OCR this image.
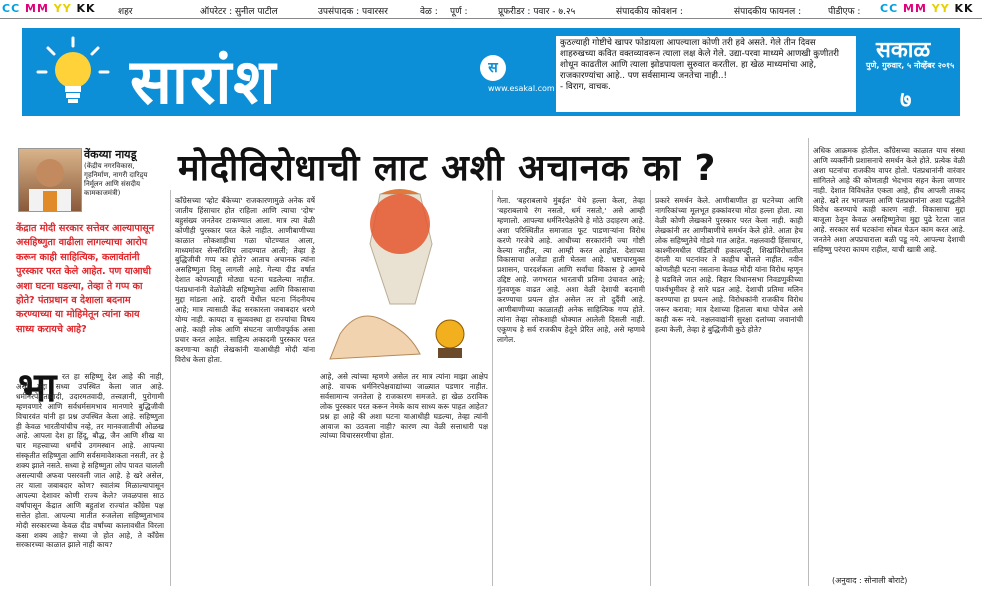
CC MM YY KK शहर	ऑपरेटर : सुनील पाटील	उपसंपादक : पवारसर	वेळ : पूर्ण :	प्रूफरीडर : पवार - ७.२५	संपादकीय कोवशन :	संपादकीय फायनल :	पीडीएफ : CC MM YY KK
सारांश	स
www.esakal.com
कुठल्याही गोष्टीचे खापर फोडायला आपल्याला कोणी तरी हवे असते. गेले तीन दिवस शाहरुखच्या कवित वक्तव्यावरून त्याला लक्ष केले गेले. उद्या-परवा माध्यमे आणखी कुणीतरी शोधून काढतील आणि त्याला झोडपायला सुरुवात करतील. हा खेळ माध्यमांचा आहे, राजकारण्यांचा आहे.. पण सर्वसामान्य जनतेचा नाही..!
- विराग, वाचक.
सकाळ
पुणे, गुरुवार, ५ नोव्हेंबर २०१५
७
वेंकय्या नायडू
(केंद्रीय नगरविकास, गृहनिर्माण, नागरी दारिद्र्य निर्मूलन आणि संसदीय कामकाजमंत्री)
केंद्रात मोदी सरकार सत्तेवर आल्यापासून असहिष्णुता वाढीला लागल्याचा आरोप करून काही साहित्यिक, कलावंतांनी पुरस्कार परत केले आहेत. पण याआधी अशा घटना घडल्या, तेव्हा ते गप्प का होते? पंतप्रधान व देशाला बदनाम करण्याच्या या मोहिमेतून त्यांना काय साध्य करायचे आहे?
मोदीविरोधाची लाट अशी अचानक का ?
भा रत हा सहिष्णू देश आहे की नाही, असा मुद्दा सध्या उपस्थित केला जात आहे. धर्मनिरपेक्षतावादी, उदारमतवादी, तत्त्वज्ञानी, पुरोगामी म्हणवणारे आणि सर्वधर्मसमभाव मानणारे बुद्धिजीवी विचारवंत यांनी हा प्रश्न उपस्थित केला आहे. सहिष्णुता ही केवळ भारतीयांचीच नव्हे, तर मानवजातीची ओळख आहे. आपला देश हा हिंदू, बौद्ध, जैन आणि शीख या चार महत्त्वाच्या धर्मांचे उगमस्थान आहे. आपल्या संस्कृतीत सहिष्णुता आणि सर्वसमावेशकता नसती, तर हे शक्य झाले नसते. सध्या हे सहिष्णुता लोप पावत चालली असल्याची अफवा पसरवली जात आहे. हे खरे असेल, तर याला जबाबदार कोण? स्वातंत्र्य मिळाल्यापासून आपल्या देशावर कोणी राज्य केले? जवळपास साठ वर्षांपासून केंद्रात आणि बहुतांश राज्यांत काँग्रेस पक्ष सत्तेत होता. आपल्या मातीत रुजलेला सहिष्णुताभाव मोदी सरकारच्या केवळ दीड वर्षांच्या कालावधीत विरला कसा शक्य आहे? सध्या जे होत आहे, ते काँग्रेस सरकारच्या काळात झाले नाही काय?
काँग्रेसच्या 'व्होट बँकेच्या' राजकारणामुळे अनेक वर्षे जातीय हिंसाचार होत राहिला आणि त्याचा 'दोष' बहुसंख्य जनतेवर टाकण्यात आला. मात्र त्या वेळी कोणीही पुरस्कार परत केले नाहीत. आणीबाणीच्या काळात लोकशाहीचा गळा घोटण्यात आला, माध्यमांवर सेन्सॉरशिप लादण्यात आली; तेव्हा हे बुद्धिजीवी गप्प का होते? आताच अचानक त्यांना असहिष्णुता दिसू लागली आहे. गेल्या दीड वर्षात देशात कोणत्याही मोठ्या घटना घडलेल्या नाहीत. पंतप्रधानांनी वेळोवेळी सहिष्णुतेचा आणि विकासाचा मुद्दा मांडला आहे. दादरी येथील घटना निंदनीयच आहे; मात्र त्यासाठी केंद्र सरकारला जबाबदार धरणे योग्य नाही. कायदा व सुव्यवस्था हा राज्यांचा विषय आहे. काही लोक आणि संघटना जाणीवपूर्वक असा प्रचार करत आहेत. साहित्य अकादमी पुरस्कार परत करणाऱ्या काही लेखकांनी याआधीही मोदी यांना विरोध केला होता.
आहे, असे त्यांच्या म्हणणे असेल तर मात्र त्यांना माझा आक्षेप आहे. वाचक धर्मनिरपेक्षवाद्यांच्या जाळ्यात पडणार नाहीत. सर्वसामान्य जनतेला हे राजकारण समजते. हा खेळ ठराविक लोक पुरस्कार परत करून नेमके काय साध्य करू पाहत आहेत? प्रश्न हा आहे की अशा घटना याआधीही घडल्या, तेव्हा त्यांनी आवाज का उठवला नाही? कारण त्या वेळी सत्ताधारी पक्ष त्यांच्या विचारसरणीचा होता.
गेला. 'बहराबलाचे मुंबईत' येथे हल्ला केला, तेव्हा 'बहराबलाचे रंग नसतो, धर्म नसतो,' असे आम्ही म्हणालो. आपल्या धर्मनिरपेक्षतेचे हे मोठे उदाहरण आहे. अशा परिस्थितीत समाजात फूट पाडणाऱ्यांना विरोध करणे गरजेचे आहे. आधीच्या सरकारांनी ज्या गोष्टी केल्या नाहीत, त्या आम्ही करत आहोत. देशाच्या विकासाचा अजेंडा हाती घेतला आहे. भ्रष्टाचारमुक्त प्रशासन, पारदर्शकता आणि सर्वांचा विकास हे आमचे उद्दिष्ट आहे. जगभरात भारताची प्रतिमा उंचावत आहे; गुंतवणूक वाढत आहे. अशा वेळी देशाची बदनामी करण्याचा प्रयत्न होत असेल तर तो दुर्दैवी आहे. आणीबाणीच्या काळातही अनेक साहित्यिक गप्प होते. त्यांना तेव्हा लोकशाही धोक्यात आलेली दिसली नाही. एकूणच हे सर्व राजकीय हेतूने प्रेरित आहे, असे म्हणावे लागेल.
प्रकारे समर्थन केले. आणीबाणीत हा घटनेच्या आणि नागरिकांच्या मूलभूत हक्कांवरचा मोठा हल्ला होता. त्या वेळी कोणी लेखकाने पुरस्कार परत केला नाही. काही लेखकांनी तर आणीबाणीचे समर्थन केले होते. आता हेच लोक सहिष्णुतेचे गोडवे गात आहेत. नक्षलवादी हिंसाचार, काश्मीरमधील पंडितांची हकालपट्टी, शिखांविरोधातील दंगली या घटनांवर ते काहीच बोलले नाहीत. नवीन कोणतीही घटना नसताना केवळ मोदी यांना विरोध म्हणून हे घडविले जात आहे. बिहार विधानसभा निवडणुकीच्या पार्श्वभूमीवर हे सारे घडत आहे. देशाची प्रतिमा मलिन करण्याचा हा प्रयत्न आहे. विरोधकांनी राजकीय विरोध जरूर करावा; मात्र देशाच्या हिताला बाधा पोचेल असे काही करू नये. नक्षलवाद्यांनी सुरक्षा दलांच्या जवानांची हत्या केली, तेव्हा हे बुद्धिजीवी कुठे होते?
अधिक आक्रमक होतील. काँग्रेसच्या काळात याच संस्था आणि व्यक्तींनी प्रशासनाचे समर्थन केले होते. प्रत्येक वेळी अशा घटनांचा राजकीय वापर होतो. पंतप्रधानांनी वारंवार सांगितले आहे की कोणताही भेदभाव सहन केला जाणार नाही. देशात विविधतेत एकता आहे, हीच आपली ताकद आहे. खरे तर भाजपला आणि पंतप्रधानांना अशा पद्धतीने विरोध करण्याचे काही कारण नाही. विकासाचा मुद्दा बाजूला ठेवून केवळ असहिष्णुतेचा मुद्दा पुढे रेटला जात आहे. सरकार सर्व घटकांना सोबत घेऊन काम करत आहे. जनतेने अशा अपप्रचाराला बळी पडू नये. आपल्या देशाची सहिष्णु परंपरा कायम राहील, याची खात्री आहे.
(अनुवाद : सोनाली बोराटे)
